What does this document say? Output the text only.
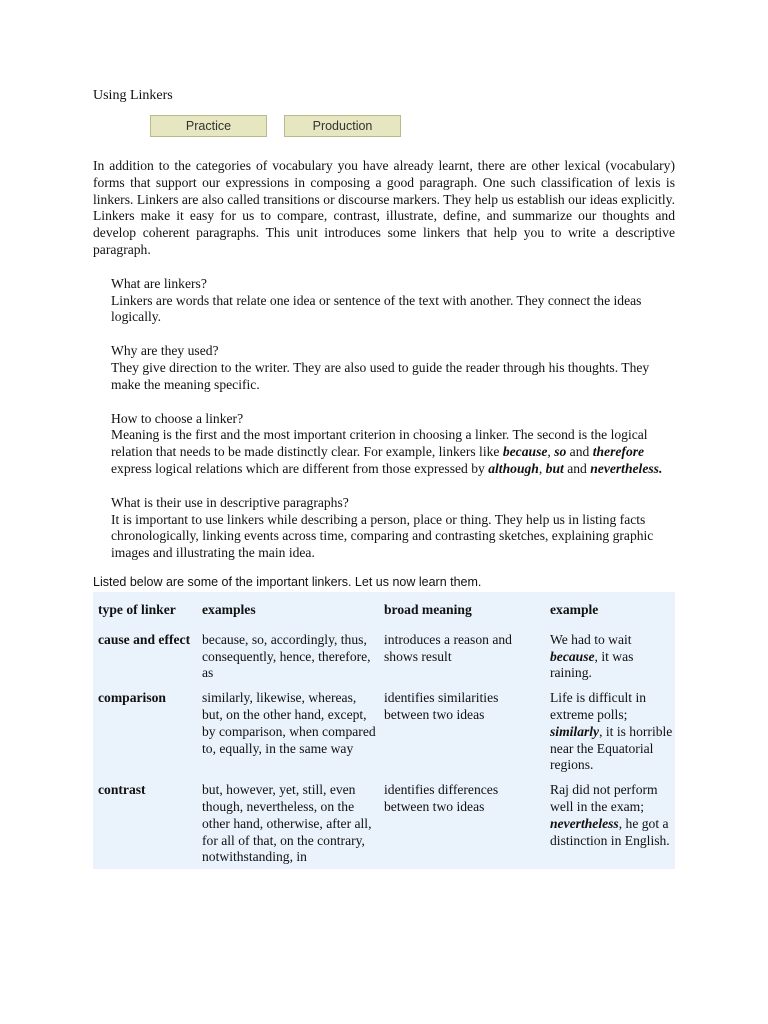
Using Linkers

Practice	Production

In addition to the categories of vocabulary you have already learnt, there are other lexical (vocabulary) forms that support our expressions in composing a good paragraph. One such classification of lexis is linkers. Linkers are also called transitions or discourse markers. They help us establish our ideas explicitly. Linkers make it easy for us to compare, contrast, illustrate, define, and summarize our thoughts and develop coherent paragraphs. This unit introduces some linkers that help you to write a descriptive paragraph.

What are linkers?

Linkers are words that relate one idea or sentence of the text with another. They connect the ideas logically.

Why are they used?

They give direction to the writer. They are also used to guide the reader through his thoughts. They make the meaning specific.

How to choose a linker?

Meaning is the first and the most important criterion in choosing a linker. The second is the logical relation that needs to be made distinctly clear. For example, linkers like because, so and therefore express logical relations which are different from those expressed by although, but and nevertheless.

What is their use in descriptive paragraphs?

It is important to use linkers while describing a person, place or thing. They help us in listing facts chronologically, linking events across time, comparing and contrasting sketches, explaining graphic images and illustrating the main idea.

Listed below are some of the important linkers. Let us now learn them.

type of linker	examples	broad meaning	example
cause and effect	because, so, accordingly, thus, consequently, hence, therefore, as	introduces a reason and shows result	We had to wait because, it was raining.
comparison	similarly, likewise, whereas, but, on the other hand, except, by comparison, when compared to, equally, in the same way	identifies similarities between two ideas	Life is difficult in extreme polls; similarly, it is horrible near the Equatorial regions.
contrast	but, however, yet, still, even though, nevertheless, on the other hand, otherwise, after all, for all of that, on the contrary, notwithstanding, in	identifies differences between two ideas	Raj did not perform well in the exam; nevertheless, he got a distinction in English.
